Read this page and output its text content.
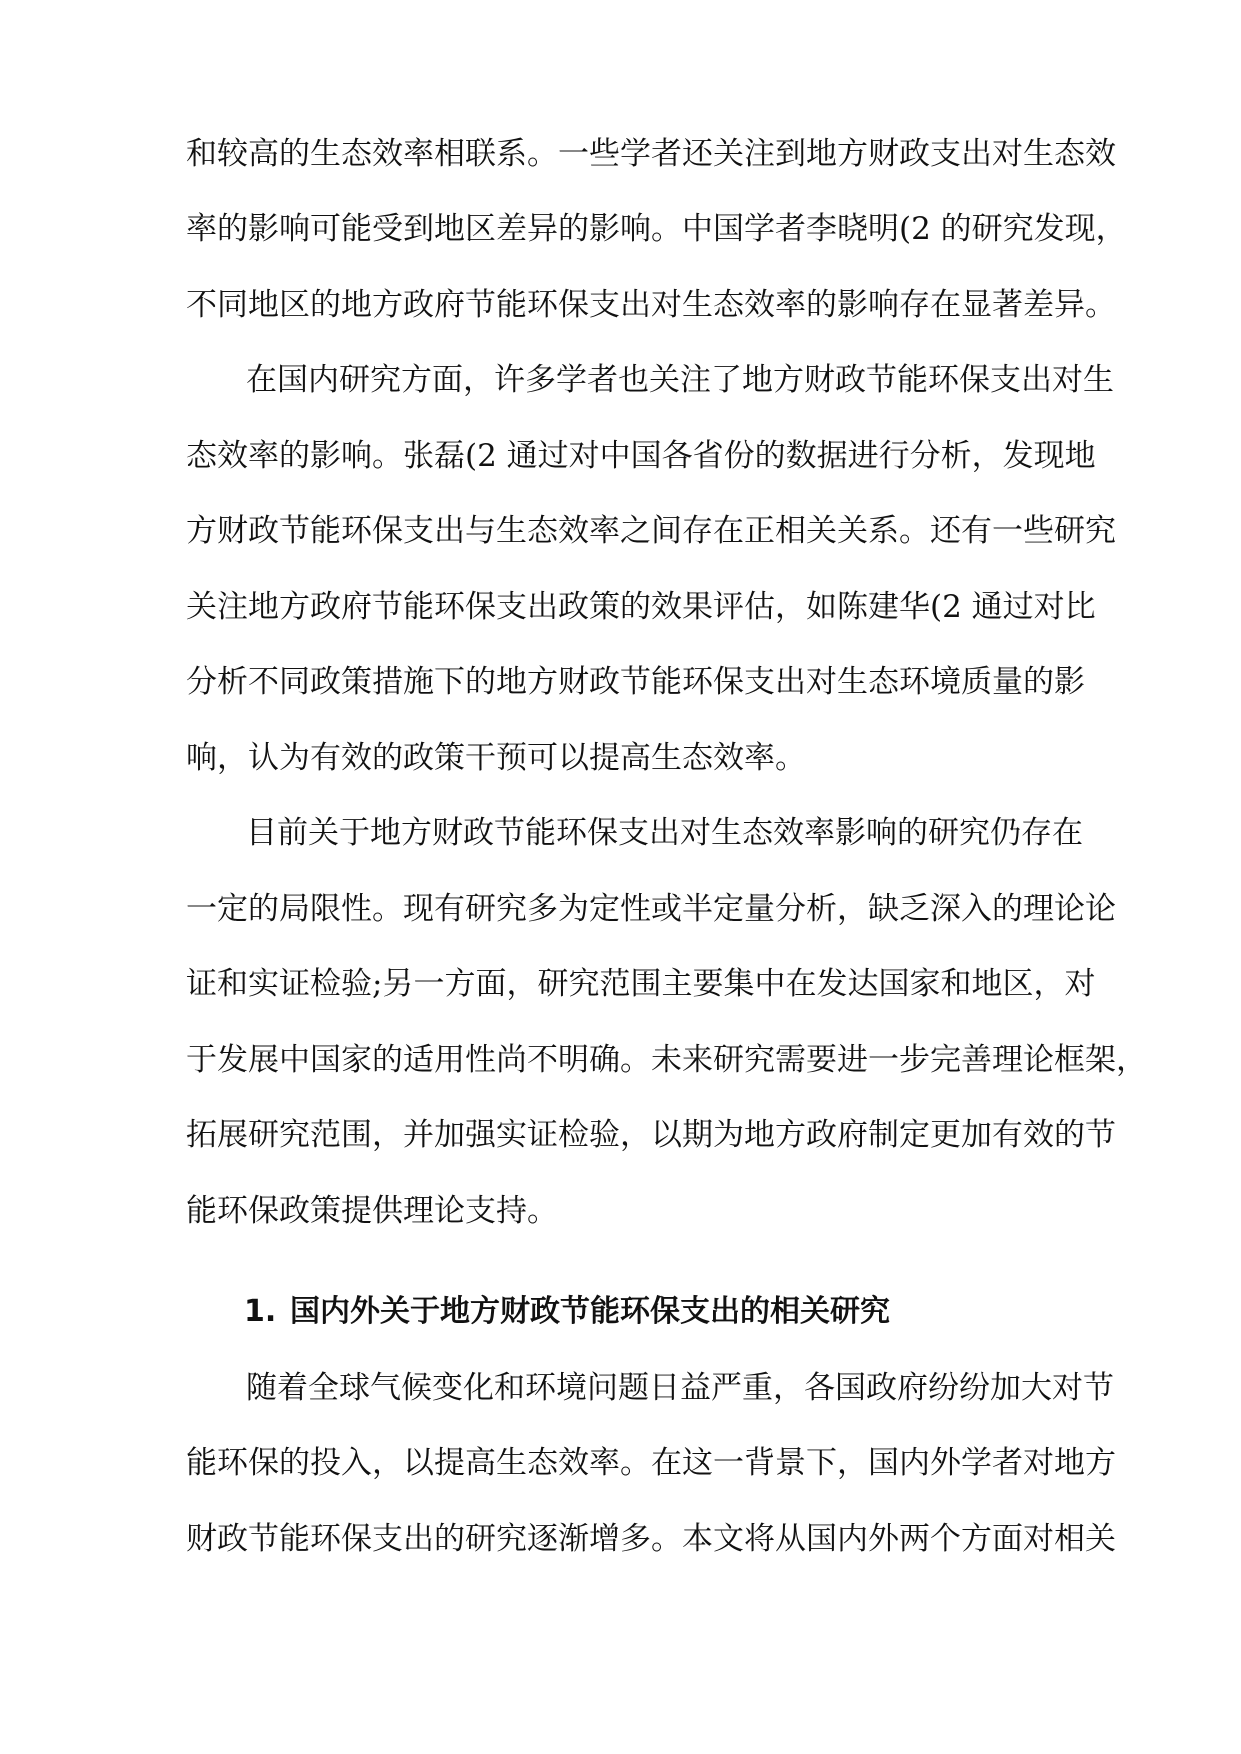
和较高的生态效率相联系。一些学者还关注到地方财政支出对生态效
率的影响可能受到地区差异的影响。中国学者李晓明(2 的研究发现，
不同地区的地方政府节能环保支出对生态效率的影响存在显著差异。
在国内研究方面，许多学者也关注了地方财政节能环保支出对生
态效率的影响。张磊(2 通过对中国各省份的数据进行分析，发现地
方财政节能环保支出与生态效率之间存在正相关关系。还有一些研究
关注地方政府节能环保支出政策的效果评估，如陈建华(2 通过对比
分析不同政策措施下的地方财政节能环保支出对生态环境质量的影
响，认为有效的政策干预可以提高生态效率。
目前关于地方财政节能环保支出对生态效率影响的研究仍存在
一定的局限性。现有研究多为定性或半定量分析，缺乏深入的理论论
证和实证检验;另一方面，研究范围主要集中在发达国家和地区，对
于发展中国家的适用性尚不明确。未来研究需要进一步完善理论框架，
拓展研究范围，并加强实证检验，以期为地方政府制定更加有效的节
能环保政策提供理论支持。
1. 国内外关于地方财政节能环保支出的相关研究
随着全球气候变化和环境问题日益严重，各国政府纷纷加大对节
能环保的投入，以提高生态效率。在这一背景下，国内外学者对地方
财政节能环保支出的研究逐渐增多。本文将从国内外两个方面对相关
